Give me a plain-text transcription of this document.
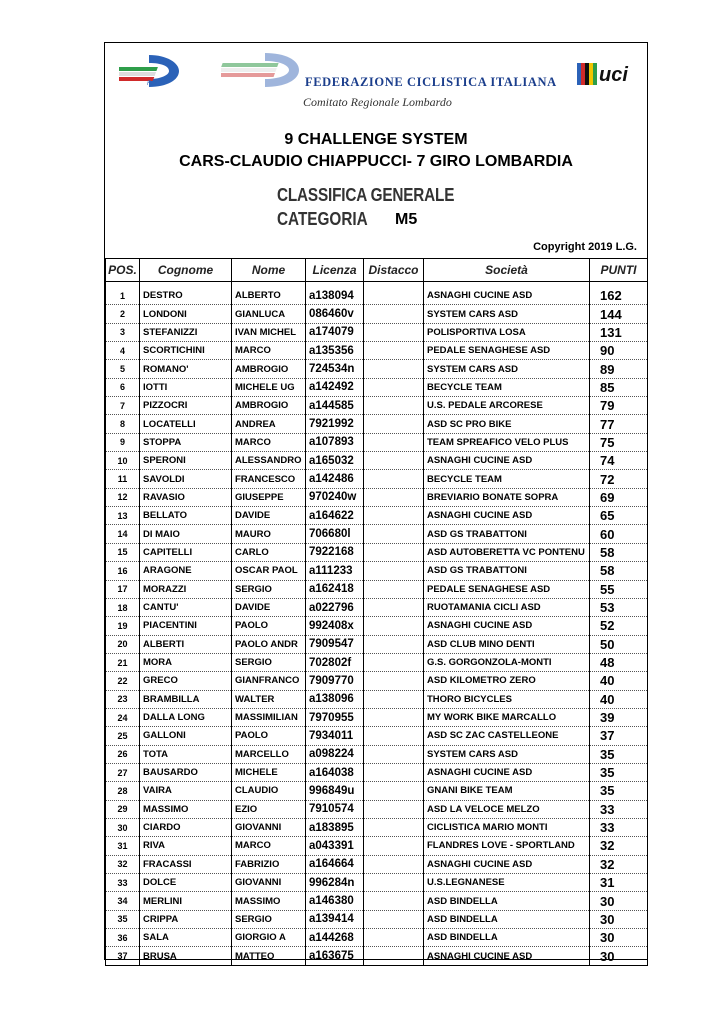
FCI	FEDERAZIONE CICLISTICA ITALIANA
Comitato Regionale Lombardo
uci
9 CHALLENGE SYSTEM
CARS-CLAUDIO CHIAPPUCCI- 7 GIRO LOMBARDIA
CLASSIFICA GENERALE
CATEGORIA M5
Copyright 2019 L.G.
POS.	Cognome	Nome	Licenza	Distacco	Società	PUNTI

1	DESTRO	ALBERTO	a138094		ASNAGHI CUCINE ASD	162
2	LONDONI	GIANLUCA	086460v		SYSTEM CARS ASD	144
3	STEFANIZZI	IVAN MICHEL	a174079		POLISPORTIVA LOSA	131
4	SCORTICHINI	MARCO	a135356		PEDALE SENAGHESE ASD	90
5	ROMANO'	AMBROGIO	724534n		SYSTEM CARS ASD	89
6	IOTTI	MICHELE UG	a142492		BECYCLE TEAM	85
7	PIZZOCRI	AMBROGIO	a144585		U.S. PEDALE ARCORESE	79
8	LOCATELLI	ANDREA	7921992		ASD SC PRO BIKE	77
9	STOPPA	MARCO	a107893		TEAM SPREAFICO VELO PLUS	75
10	SPERONI	ALESSANDRO	a165032		ASNAGHI CUCINE ASD	74
11	SAVOLDI	FRANCESCO	a142486		BECYCLE TEAM	72
12	RAVASIO	GIUSEPPE	970240w		BREVIARIO BONATE SOPRA	69
13	BELLATO	DAVIDE	a164622		ASNAGHI CUCINE ASD	65
14	DI MAIO	MAURO	706680l		ASD GS TRABATTONI	60
15	CAPITELLI	CARLO	7922168		ASD AUTOBERETTA VC PONTENU	58
16	ARAGONE	OSCAR PAOL	a111233		ASD GS TRABATTONI	58
17	MORAZZI	SERGIO	a162418		PEDALE SENAGHESE ASD	55
18	CANTU'	DAVIDE	a022796		RUOTAMANIA CICLI ASD	53
19	PIACENTINI	PAOLO	992408x		ASNAGHI CUCINE ASD	52
20	ALBERTI	PAOLO ANDR	7909547		ASD CLUB MINO DENTI	50
21	MORA	SERGIO	702802f		G.S. GORGONZOLA-MONTI	48
22	GRECO	GIANFRANCO	7909770		ASD KILOMETRO ZERO	40
23	BRAMBILLA	WALTER	a138096		THORO BICYCLES	40
24	DALLA LONG	MASSIMILIAN	7970955		MY WORK BIKE MARCALLO	39
25	GALLONI	PAOLO	7934011		ASD SC ZAC CASTELLEONE	37
26	TOTA	MARCELLO	a098224		SYSTEM CARS ASD	35
27	BAUSARDO	MICHELE	a164038		ASNAGHI CUCINE ASD	35
28	VAIRA	CLAUDIO	996849u		GNANI BIKE TEAM	35
29	MASSIMO	EZIO	7910574		ASD LA VELOCE MELZO	33
30	CIARDO	GIOVANNI	a183895		CICLISTICA MARIO MONTI	33
31	RIVA	MARCO	a043391		FLANDRES LOVE - SPORTLAND	32
32	FRACASSI	FABRIZIO	a164664		ASNAGHI CUCINE ASD	32
33	DOLCE	GIOVANNI	996284n		U.S.LEGNANESE	31
34	MERLINI	MASSIMO	a146380		ASD BINDELLA	30
35	CRIPPA	SERGIO	a139414		ASD BINDELLA	30
36	SALA	GIORGIO A	a144268		ASD BINDELLA	30
37	BRUSA	MATTEO	a163675		ASNAGHI CUCINE ASD	30
